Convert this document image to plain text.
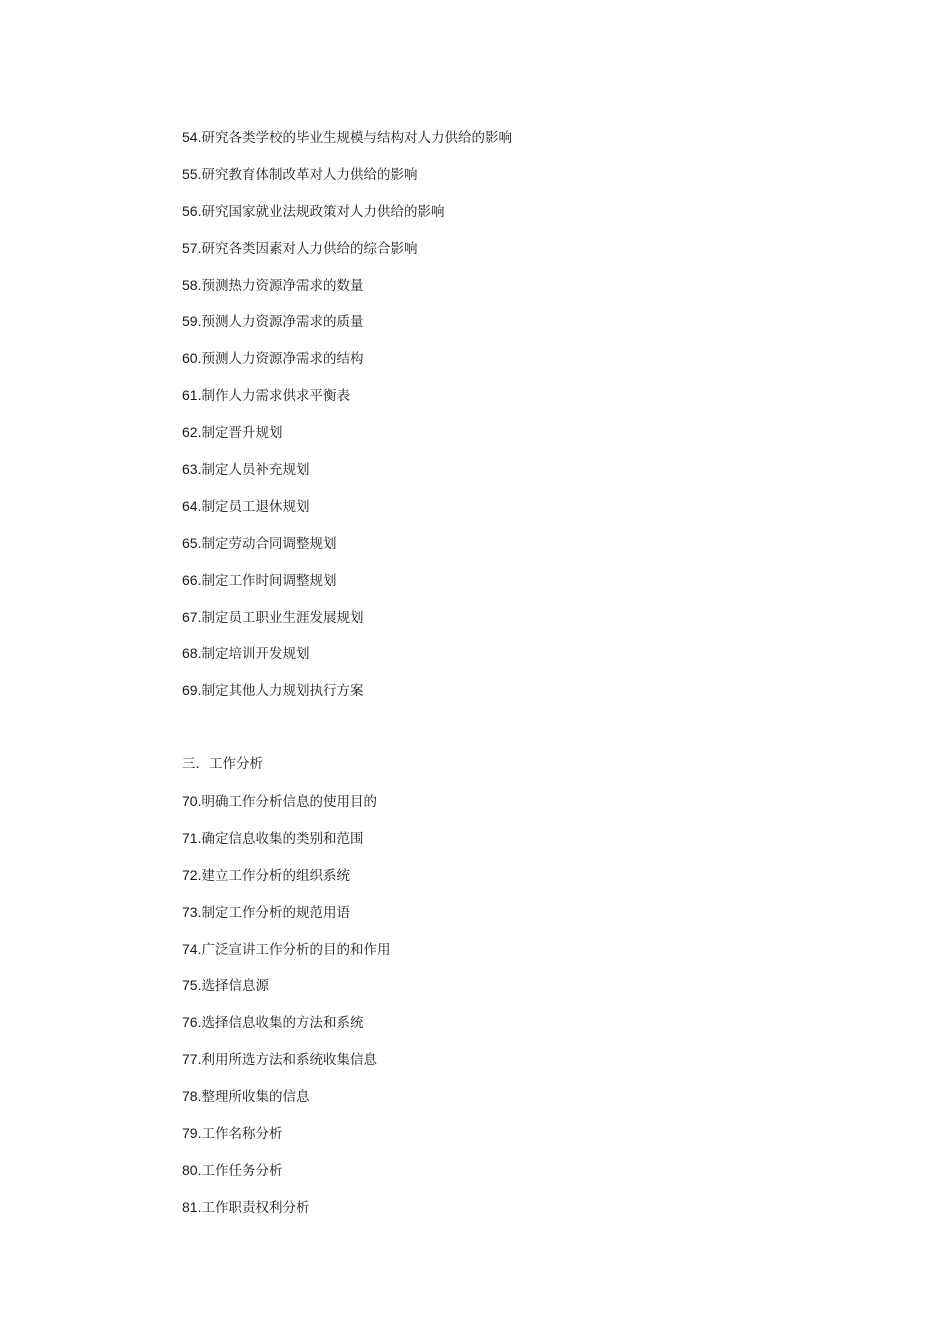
54.研究各类学校的毕业生规模与结构对人力供给的影响
55.研究教育体制改革对人力供给的影响
56.研究国家就业法规政策对人力供给的影响
57.研究各类因素对人力供给的综合影响
58.预测热力资源净需求的数量
59.预测人力资源净需求的质量
60.预测人力资源净需求的结构
61.制作人力需求供求平衡表
62.制定晋升规划
63.制定人员补充规划
64.制定员工退休规划
65.制定劳动合同调整规划
66.制定工作时间调整规划
67.制定员工职业生涯发展规划
68.制定培训开发规划
69.制定其他人力规划执行方案
三．工作分析
70.明确工作分析信息的使用目的
71.确定信息收集的类别和范围
72.建立工作分析的组织系统
73.制定工作分析的规范用语
74.广泛宣讲工作分析的目的和作用
75.选择信息源
76.选择信息收集的方法和系统
77.利用所选方法和系统收集信息
78.整理所收集的信息
79.工作名称分析
80.工作任务分析
81.工作职责权利分析
